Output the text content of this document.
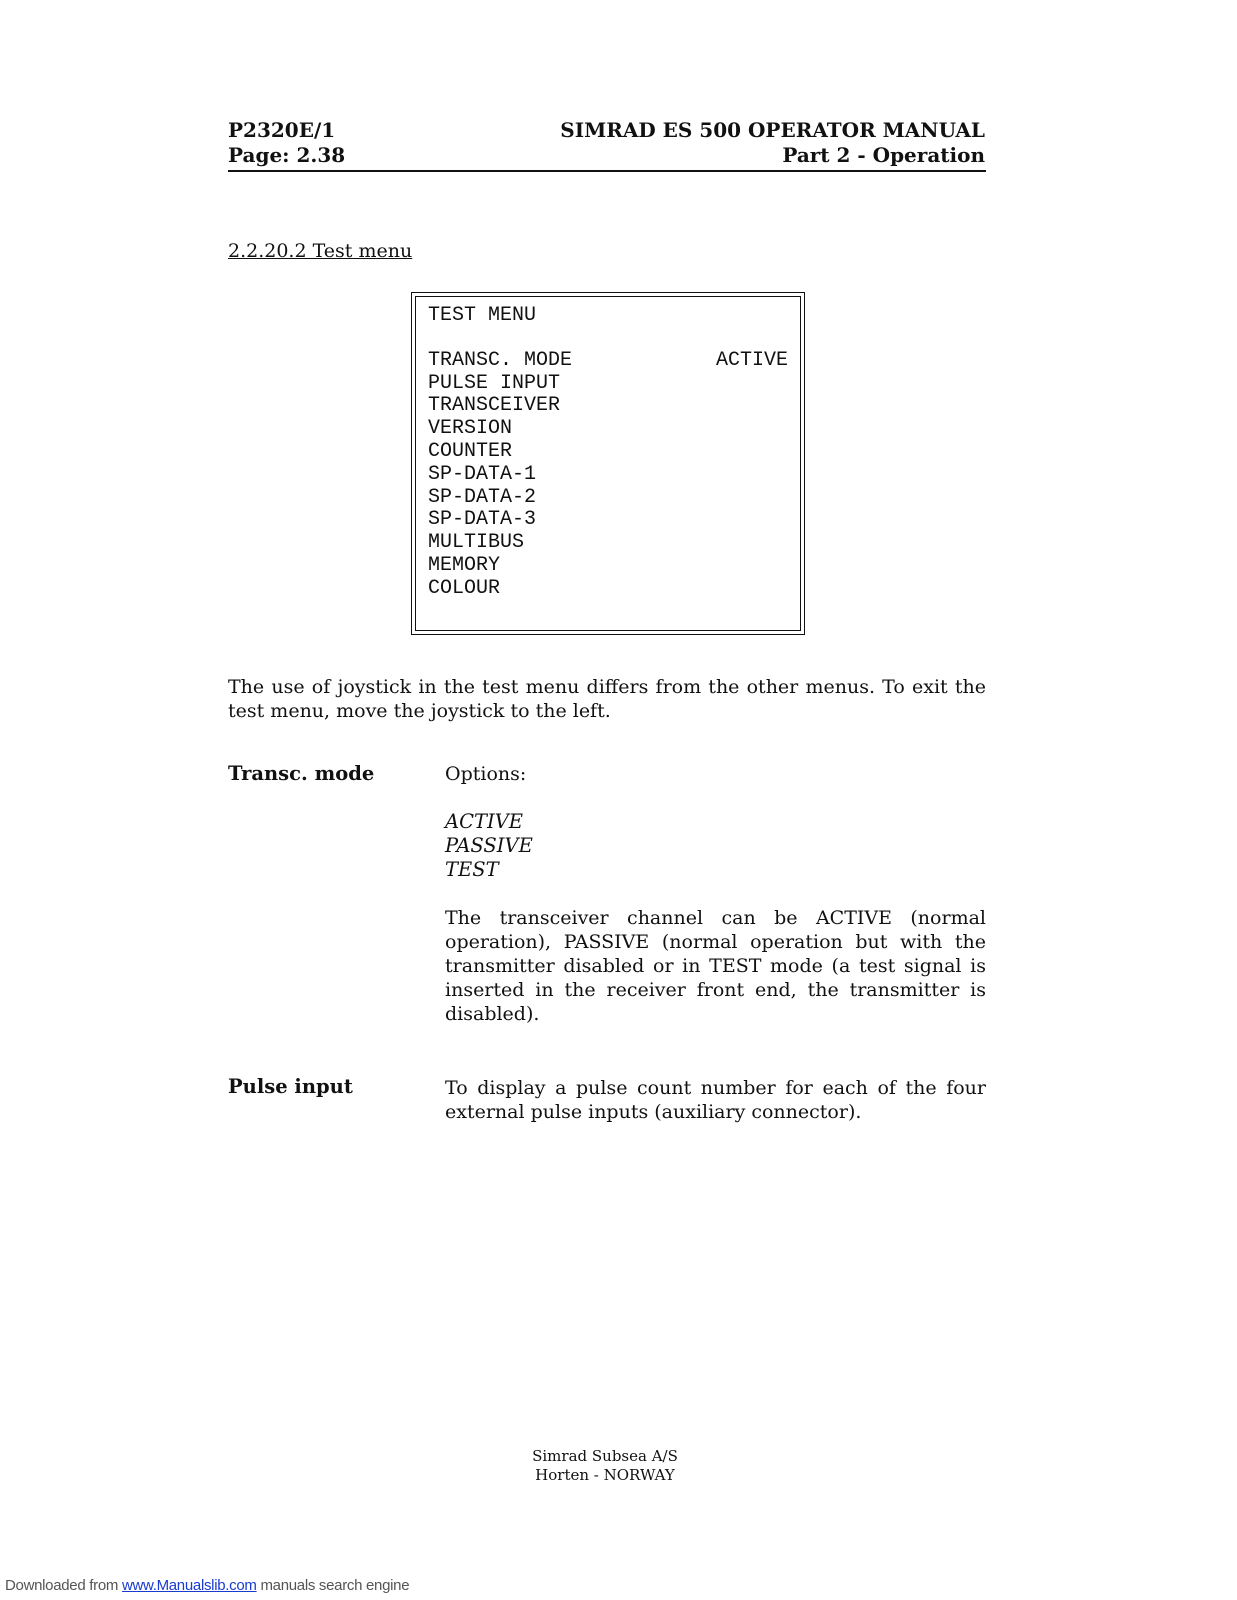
P2320E/1
Page: 2.38
SIMRAD ES 500 OPERATOR MANUAL
Part 2 - Operation
2.2.20.2 Test menu
TEST MENU
TRANSC. MODE	ACTIVE
PULSE INPUT
TRANSCEIVER
VERSION
COUNTER
SP-DATA-1
SP-DATA-2
SP-DATA-3
MULTIBUS
MEMORY
COLOUR
The use of joystick in the test menu differs from the other menus. To exit the test menu, move the joystick to the left.
Transc. mode	Options:
ACTIVE
PASSIVE
TEST
The transceiver channel can be ACTIVE (normal operation), PASSIVE (normal operation but with the transmitter disabled or in TEST mode (a test signal is inserted in the receiver front end, the transmitter is disabled).
Pulse input	To display a pulse count number for each of the four external pulse inputs (auxiliary connector).
Simrad Subsea A/S
Horten - NORWAY
Downloaded from www.Manualslib.com manuals search engine
